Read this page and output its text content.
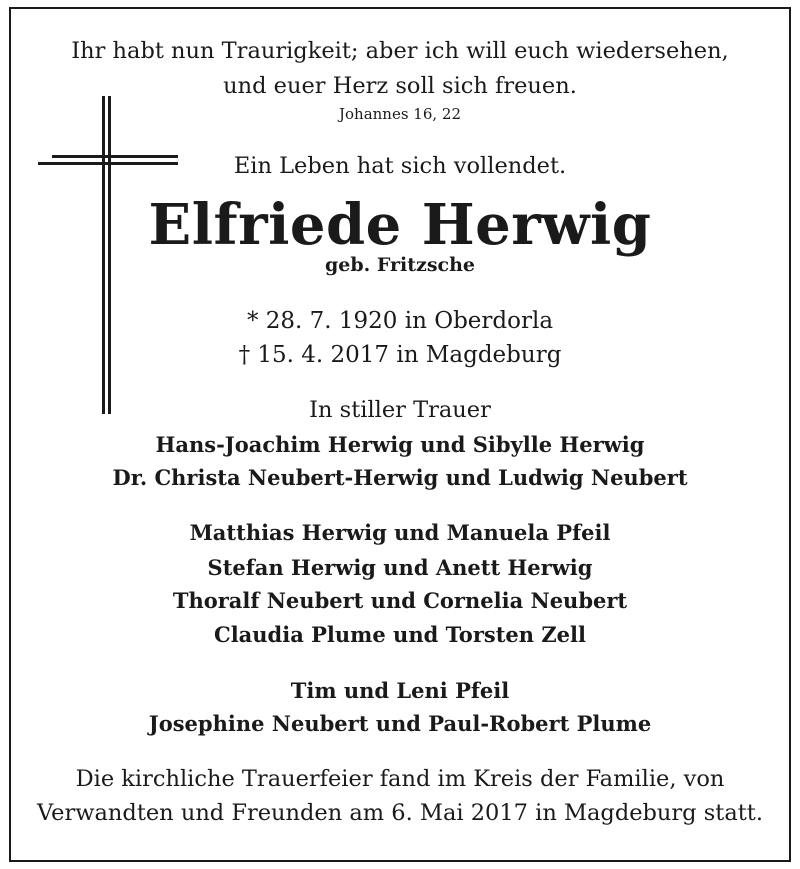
Ihr habt nun Traurigkeit; aber ich will euch wiedersehen,
und euer Herz soll sich freuen.
Johannes 16, 22
Ein Leben hat sich vollendet.
Elfriede Herwig
geb. Fritzsche
* 28. 7. 1920 in Oberdorla
† 15. 4. 2017 in Magdeburg
In stiller Trauer
Hans-Joachim Herwig und Sibylle Herwig
Dr. Christa Neubert-Herwig und Ludwig Neubert
Matthias Herwig und Manuela Pfeil
Stefan Herwig und Anett Herwig
Thoralf Neubert und Cornelia Neubert
Claudia Plume und Torsten Zell
Tim und Leni Pfeil
Josephine Neubert und Paul-Robert Plume
Die kirchliche Trauerfeier fand im Kreis der Familie, von
Verwandten und Freunden am 6. Mai 2017 in Magdeburg statt.
